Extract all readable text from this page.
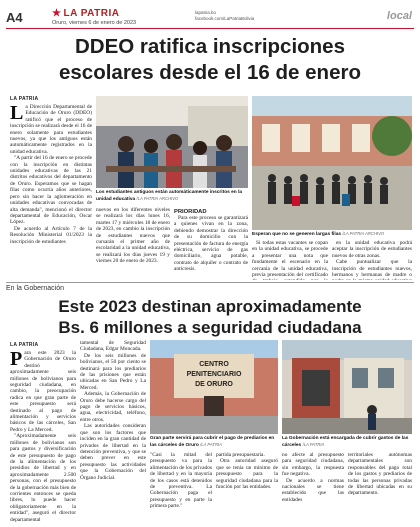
A4	★ LA PATRIA
Oruro, viernes 6 de enero de 2023
lapatria.bo
facebook.com/LaPatriaBolivia	local
DDEO ratifica inscripciones
escolares desde el 16 de enero
LA PATRIA
L a Dirección Departamental de Educación de Oruro (DDEO) ratificó que el proceso de inscripción se realizará desde el 16 de enero solamente para estudiantes nuevos, ya que los antiguos están automáticamente registrados en la unidad educativa.

"A partir del 16 de enero se procede con la inscripción en distintas unidades educativas de las 21 distritos educativos del departamento de Oruro. Esperamos que se hagan filas como ocurría años anteriores, pero sin hacer la aglomeración en unidades educativas convocadas de alta demanda", mencionó el director departamental de Educación, Oscar López.

De acuerdo al Artículo 7 de la Resolución Ministerial 01/2023 la inscripción de estudiantes

Los estudiantes antiguos están automáticamente inscritos en la unidad educativa /LA PATRIA ARCHIVO
Esperan que no se generen largas filas /LA PATRIA ARCHIVO

nuevos en los diferentes niveles se realizará los días lunes 16, martes 17 y miércoles 18 de enero de 2023, en cambio la inscripción de estudiantes nuevos que cursarán el primer año de escolaridad a la unidad educativa, se realizará los días jueves 19 y viernes 20 de enero de 2023.

PRIORIDAD

Para este proceso se garantizará a quienes vivan en la zona, debiendo demostrar la dirección de su domicilio con la presentación de factura de energía eléctrica, servicio de gas domiciliario, agua potable, contrato de alquiler o contrato de anticresis.

Si todas estas vacantes se copan en la unidad educativa, se procede a presentar una nota que fundamente el escenario en la cercanía de la unidad educativa, previa presentación del certificado

en la unidad educativa podrá aceptar la inscripción de estudiantes nuevos de otras zonas.

Cabe puntualizar que la inscripción de estudiantes nuevos, hermanos y hermanas de madre o

En la Gobernación
Este 2023 destinan aproximadamente
Bs. 6 millones a seguridad ciudadana
LA PATRIA
P ara este 2023 la Gobernación de Oruro destinó aproximadamente seis millones de bolivianos para seguridad ciudadana, en cambio, la preocupación radica en que gran parte de este presupuesto será destinado al pago de alimentación y servicios básicos de las cárceles, San Pedro y La Merced.

"Aproximadamente seis millones de bolivianos son para gastos y diversificación de este presupuesto de pago de la alimentación de los presidios de libertad y en aproximadamente 2.500 personas, con el presupuesto de la gobernación más bien de corrientes entonces se queda libres, lo puede hacer obligatoriamente en la entidad", aseguró el director departamental

tamental de Seguridad Ciudadana, Edgar Moncada.

De los seis millones de bolivianos, el 50 por ciento se destinará para los prediarios de las prisiones que están ubicadas en San Pedro y La Merced.

Además, la Gobernación de Oruro debe hacerse cargo del pago de servicios básicos, agua, electricidad, teléfono, entre otros.

Las autoridades consideran que son los factores que inciden en la gran cantidad de privados de libertad en la detención preventiva, y que se deben prever en este presupuesto las actividades que la Gobernación del Órgano Judicial.

CENTRO
PENITENCIARIO
DE ORURO
Gran parte servirá para cubrir el pago de prediarios en las cárceles de Oruro /LA PATRIA
La Gobernación está encargada de cubrir gastos de las cárceles /LA PATRIA

"Casi la mitad del presupuesto va para la alimentación de los privados de libertad y en la mayoría de los casos está detenidos de preventiva. La Gobernación paga el presupuesto y en parte la primera parte."

partida presupuestaria.

Otra autoridad aseguró que se tenía un mínimo de presupuesto para la seguridad ciudadana para la función por las entidades.

no afecte al presupuesto para seguridad ciudadana, sin embargo, la respuesta fue negativa.

De acuerdo a normas nacionales se tiene establecido que las entidades

territoriales autónomas departamentales son responsables del pago total de los gastos y prediarios de todas las personas privadas de libertad ubicadas en su departamento.
